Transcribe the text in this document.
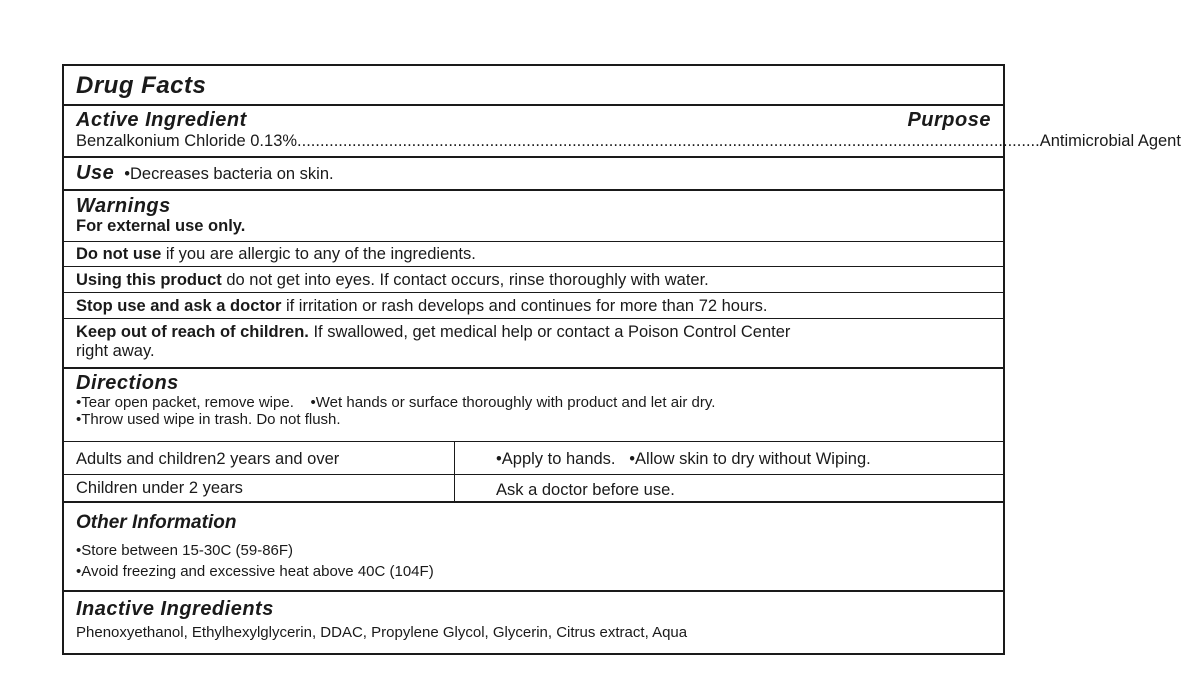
Drug Facts
Active Ingredient	Purpose
Benzalkonium Chloride 0.13% .................................................................................................................................................................. Antimicrobial Agent
Use •Decreases bacteria on skin.
Warnings
For external use only.
Do not use if you are allergic to any of the ingredients.
Using this product do not get into eyes. If contact occurs, rinse thoroughly with water.
Stop use and ask a doctor if irritation or rash develops and continues for more than 72 hours.
Keep out of reach of children. If swallowed, get medical help or contact a Poison Control Center
right away.
Directions
•Tear open packet, remove wipe.    •Wet hands or surface thoroughly with product and let air dry.
•Throw used wipe in trash. Do not flush.
Adults and children2 years and over	•Apply to hands.   •Allow skin to dry without Wiping.
Children under 2 years	Ask a doctor before use.
Other Information
•Store between 15-30C (59-86F)
•Avoid freezing and excessive heat above 40C (104F)
Inactive Ingredients
Phenoxyethanol, Ethylhexylglycerin, DDAC, Propylene Glycol, Glycerin, Citrus extract, Aqua
